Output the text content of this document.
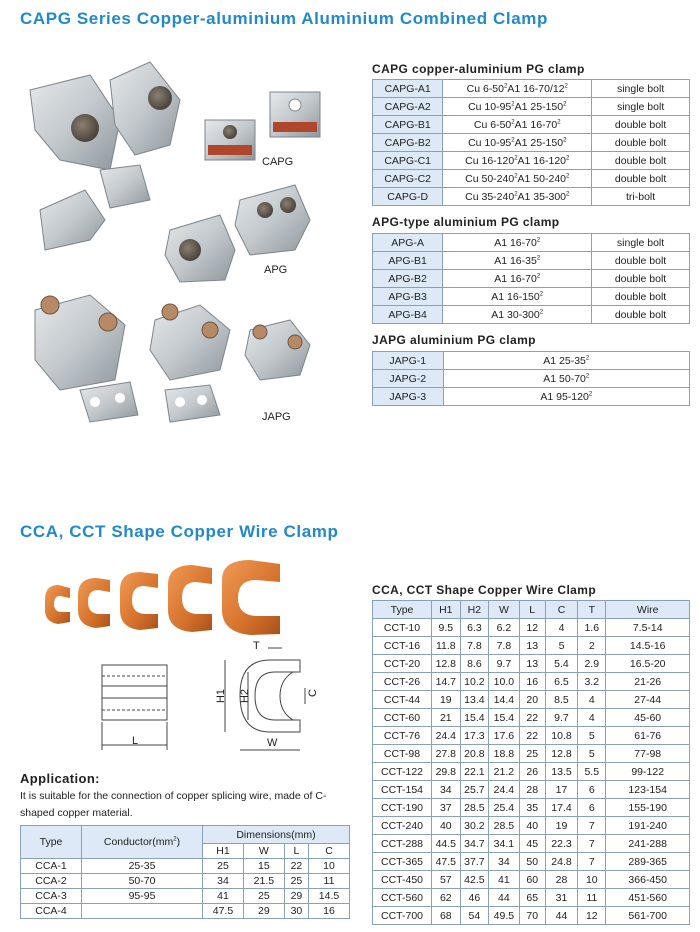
CAPG Series Copper-aluminium Aluminium Combined Clamp
CAPG
APG
JAPG
CAPG copper-aluminium PG clamp
CAPG-A1	Cu $6-50^2A1$ $16-70/12^2$	single bolt
CAPG-A2	Cu $10-95^2A1$ $25-150^2$	single bolt
CAPG-B1	Cu $6-50^2A1$ $16-70^2$	double bolt
CAPG-B2	Cu $10-95^2A1$ $25-150^2$	double bolt
CAPG-C1	Cu $16-120^2A1$ $16-120^2$	double bolt
CAPG-C2	Cu $50-240^2A1$ $50-240^2$	double bolt
CAPG-D	Cu $35-240^2A1$ $35-300^2$	tri-bolt
APG-type aluminium PG clamp
APG-A	A1 $16-70^2$	single bolt
APG-B1	A1 $16-35^2$	double bolt
APG-B2	A1 $16-70^2$	double bolt
APG-B3	A1 $16-150^2$	double bolt
APG-B4	A1 $30-300^2$	double bolt
JAPG aluminium PG clamp
JAPG-1	A1 $25-35^2$
JAPG-2	A1 $50-70^2$
JAPG-3	A1 $95-120^2$
CCA, CCT Shape Copper Wire Clamp
L
T
H1 H2	C
W
Application:
It is suitable for the connection of copper splicing wire, made of C-shaped copper material.
Type	$Conductor(mm^2)$	Dimensions(mm)			
		H1	W	L	C
CCA-1	25-35	25	15	22	10
CCA-2	50-70	34	21.5	25	11
CCA-3	95-95	41	25	29	14.5
CCA-4		47.5	29	30	16
CCA, CCT Shape Copper Wire Clamp
Type	H1	H2	W	L	C	T	Wire
CCT-10	9.5	6.3	6.2	12	4	1.6	7.5-14
CCT-16	11.8	7.8	7.8	13	5	2	14.5-16
CCT-20	12.8	8.6	9.7	13	5.4	2.9	16.5-20
CCT-26	14.7	10.2	10.0	16	6.5	3.2	21-26
CCT-44	19	13.4	14.4	20	8.5	4	27-44
CCT-60	21	15.4	15.4	22	9.7	4	45-60
CCT-76	24.4	17.3	17.6	22	10.8	5	61-76
CCT-98	27.8	20.8	18.8	25	12.8	5	77-98
CCT-122	29.8	22.1	21.2	26	13.5	5.5	99-122
CCT-154	34	25.7	24.4	28	17	6	123-154
CCT-190	37	28.5	25.4	35	17.4	6	155-190
CCT-240	40	30.2	28.5	40	19	7	191-240
CCT-288	44.5	34.7	34.1	45	22.3	7	241-288
CCT-365	47.5	37.7	34	50	24.8	7	289-365
CCT-450	57	42.5	41	60	28	10	366-450
CCT-560	62	46	44	65	31	11	451-560
CCT-700	68	54	49.5	70	44	12	561-700
